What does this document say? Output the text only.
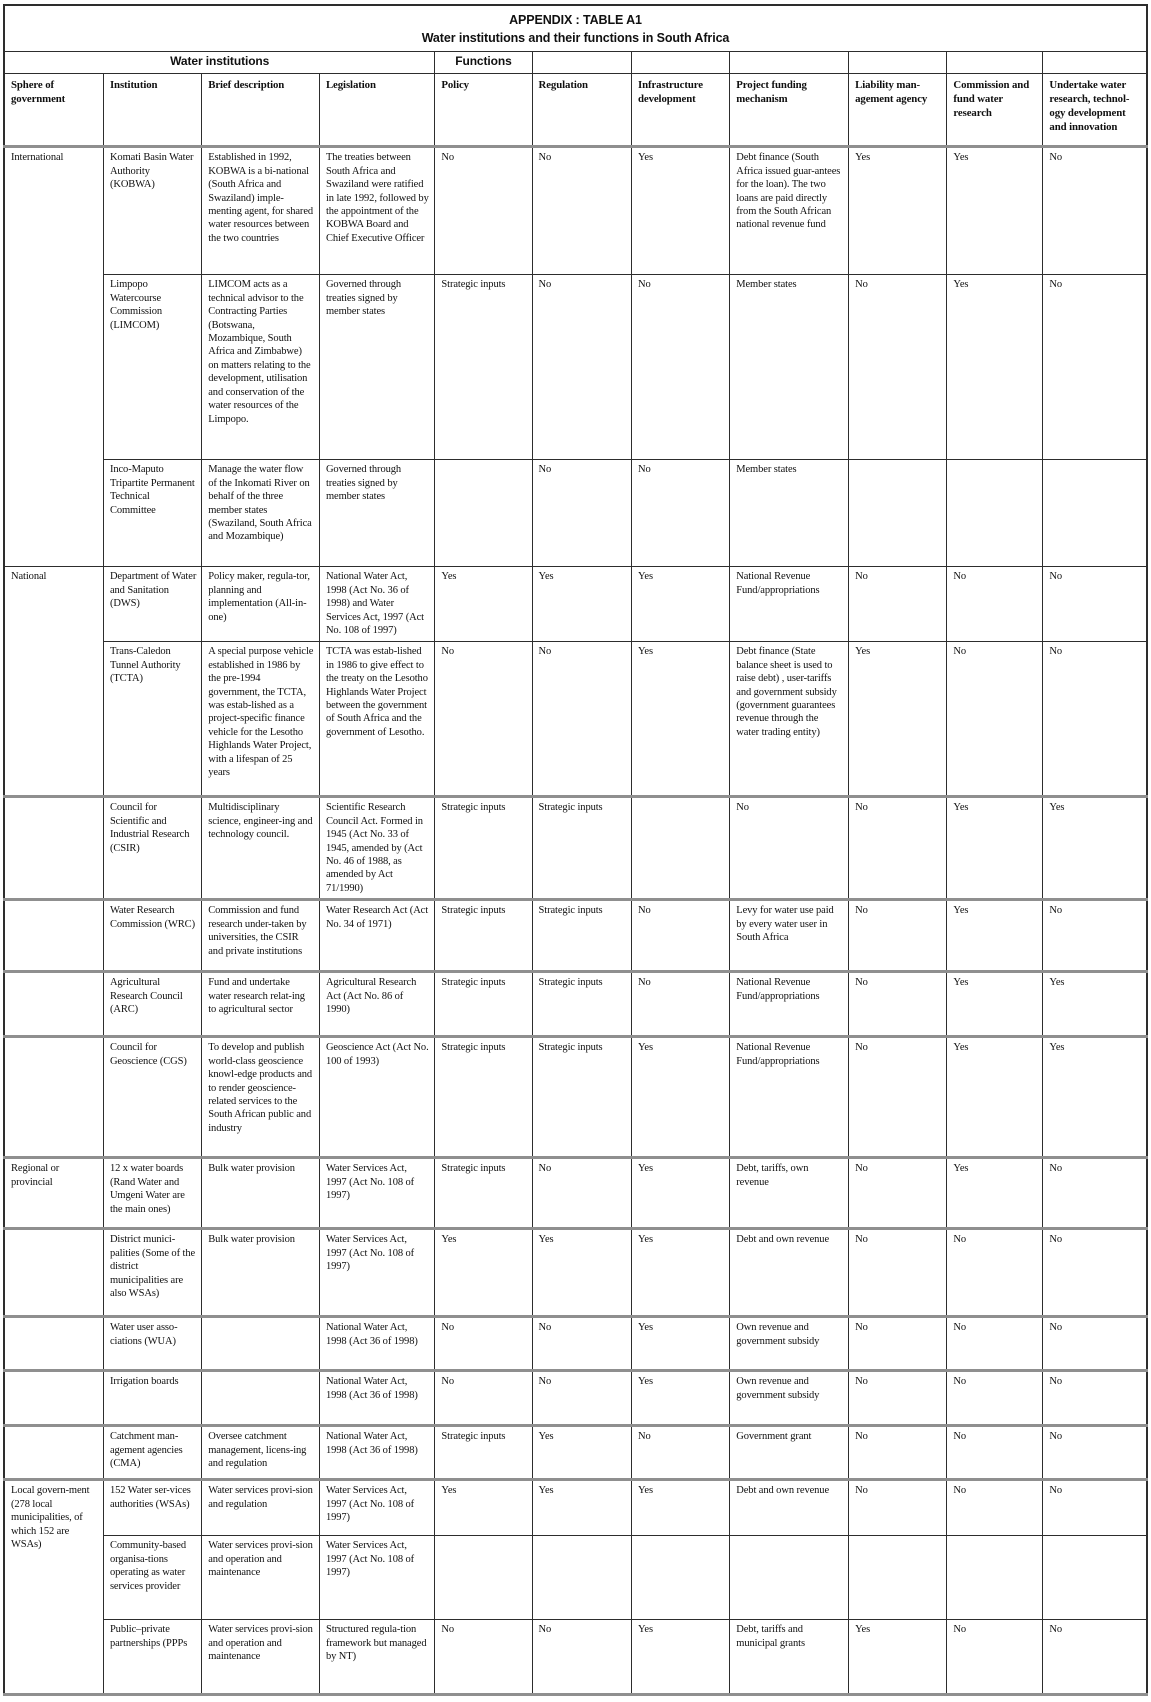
APPENDIX : TABLE A1
Water institutions and their functions in South Africa										

Water institutions				Functions						
Sphere of government	Institution	Brief description	Legislation	Policy	Regulation	Infrastructure development	Project funding mechanism	Liability man-agement agency	Commission and fund water research	Undertake water research, technol-ogy development and innovation
International	Komati Basin Water Authority (KOBWA)	Established in 1992, KOBWA is a bi-national (South Africa and Swaziland) imple-menting agent, for shared water resources between the two countries	The treaties between South Africa and Swaziland were ratified in late 1992, followed by the appointment of the KOBWA Board and Chief Executive Officer	No	No	Yes	Debt finance (South Africa issued guar-antees for the loan). The two loans are paid directly from the South African national revenue fund	Yes	Yes	No
	Limpopo Watercourse Commission (LIMCOM)	LIMCOM acts as a technical advisor to the Contracting Parties (Botswana, Mozambique, South Africa and Zimbabwe) on matters relating to the development, utilisation and conservation of the water resources of the Limpopo.	Governed through treaties signed by member states	Strategic inputs	No	No	Member states	No	Yes	No
	Inco-Maputo Tripartite Permanent Technical Committee	Manage the water flow of the Inkomati River on behalf of the three member states (Swaziland, South Africa and Mozambique)	Governed through treaties signed by member states		No	No	Member states			
National	Department of Water and Sanitation (DWS)	Policy maker, regula-tor, planning and implementation (All-in-one)	National Water Act, 1998 (Act No. 36 of 1998) and Water Services Act, 1997 (Act No. 108 of 1997)	Yes	Yes	Yes	National Revenue Fund/appropriations	No	No	No
	Trans-Caledon Tunnel Authority (TCTA)	A special purpose vehicle established in 1986 by the pre-1994 government, the TCTA, was estab-lished as a project-specific finance vehicle for the Lesotho Highlands Water Project, with a lifespan of 25 years	TCTA was estab-lished in 1986 to give effect to the treaty on the Lesotho Highlands Water Project between the government of South Africa and the government of Lesotho.	No	No	Yes	Debt finance (State balance sheet is used to raise debt) , user-tariffs and government subsidy (government guarantees revenue through the water trading entity)	Yes	No	No
	Council for Scientific and Industrial Research (CSIR)	Multidisciplinary science, engineer-ing and technology council.	Scientific Research Council Act. Formed in 1945 (Act No. 33 of 1945, amended by (Act No. 46 of 1988, as amended by Act 71/1990)	Strategic inputs	Strategic inputs		No	No	Yes	Yes
	Water Research Commission (WRC)	Commission and fund research under-taken by universities, the CSIR and private institutions	Water Research Act (Act No. 34 of 1971)	Strategic inputs	Strategic inputs	No	Levy for water use paid by every water user in South Africa	No	Yes	No
	Agricultural Research Council (ARC)	Fund and undertake water research relat-ing to agricultural sector	Agricultural Research Act (Act No. 86 of 1990)	Strategic inputs	Strategic inputs	No	National Revenue Fund/appropriations	No	Yes	Yes
	Council for Geoscience (CGS)	To develop and publish world-class geoscience knowl-edge products and to render geoscience-related services to the South African public and industry	Geoscience Act (Act No. 100 of 1993)	Strategic inputs	Strategic inputs	Yes	National Revenue Fund/appropriations	No	Yes	Yes
Regional or provincial	12 x water boards (Rand Water and Umgeni Water are the main ones)	Bulk water provision	Water Services Act, 1997 (Act No. 108 of 1997)	Strategic inputs	No	Yes	Debt, tariffs, own revenue	No	Yes	No
	District munici-palities (Some of the district municipalities are also WSAs)	Bulk water provision	Water Services Act, 1997 (Act No. 108 of 1997)	Yes	Yes	Yes	Debt and own revenue	No	No	No
	Water user asso-ciations (WUA)		National Water Act, 1998 (Act 36 of 1998)	No	No	Yes	Own revenue and government subsidy	No	No	No
	Irrigation boards		National Water Act, 1998 (Act 36 of 1998)	No	No	Yes	Own revenue and government subsidy	No	No	No
	Catchment man-agement agencies (CMA)	Oversee catchment management, licens-ing and regulation	National Water Act, 1998 (Act 36 of 1998)	Strategic inputs	Yes	No	Government grant	No	No	No
Local govern-ment (278 local municipalities, of which 152 are WSAs)	152 Water ser-vices authorities (WSAs)	Water services provi-sion and regulation	Water Services Act, 1997 (Act No. 108 of 1997)	Yes	Yes	Yes	Debt and own revenue	No	No	No
	Community-based organisa-tions operating as water services provider	Water services provi-sion and operation and maintenance	Water Services Act, 1997 (Act No. 108 of 1997)							
	Public–private partnerships (PPPs	Water services provi-sion and operation and maintenance	Structured regula-tion framework but managed by NT)	No	No	Yes	Debt, tariffs and municipal grants	Yes	No	No
